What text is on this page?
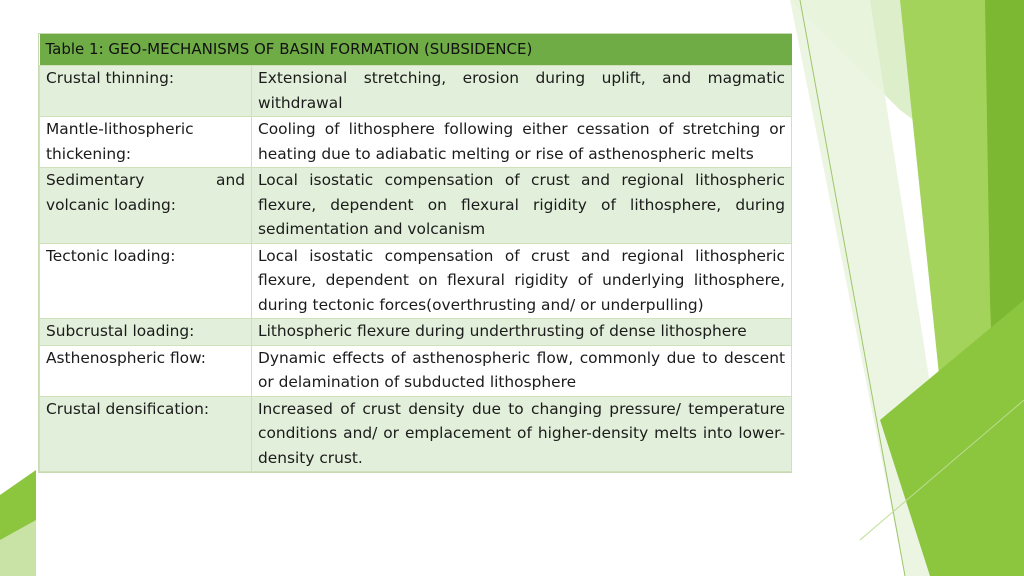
Table 1: GEO-MECHANISMS OF BASIN FORMATION (SUBSIDENCE)	
Crustal thinning:	Extensional stretching, erosion during uplift, and magmatic withdrawal
Mantle-lithospheric thickening:	Cooling of lithosphere following either cessation of stretching or heating due to adiabatic melting or rise of asthenospheric melts
Sedimentary and volcanic loading:	Local isostatic compensation of crust and regional lithospheric flexure, dependent on flexural rigidity of lithosphere, during sedimentation and volcanism
Tectonic loading:	Local isostatic compensation of crust and regional lithospheric flexure, dependent on flexural rigidity of underlying lithosphere, during tectonic forces(overthrusting and/ or underpulling)
Subcrustal loading:	Lithospheric flexure during underthrusting of dense lithosphere
Asthenospheric flow:	Dynamic effects of asthenospheric flow, commonly due to descent or delamination of subducted lithosphere
Crustal densification:	Increased of crust density due to changing pressure/ temperature conditions and/ or emplacement of higher-density melts into lower-density crust.
